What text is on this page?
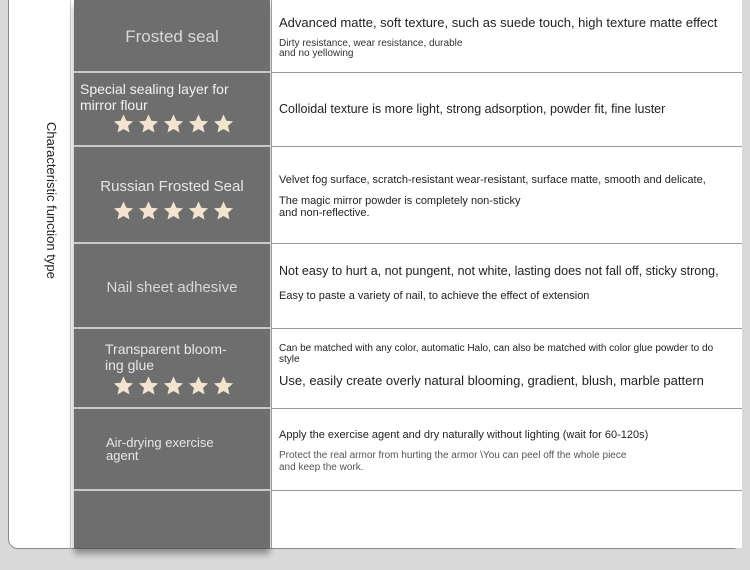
Characteristic function type
Frosted seal
Advanced matte, soft texture, such as suede touch, high texture matte effect
Dirty resistance, wear resistance, durable
and no yellowing
Special sealing layer for mirror flour	Colloidal texture is more light, strong adsorption, powder fit, fine luster
Russian Frosted Seal	Velvet fog surface, scratch-resistant wear-resistant, surface matte, smooth and delicate,
The magic mirror powder is completely non-sticky
and non-reflective.
Nail sheet adhesive
Not easy to hurt a, not pungent, not white, lasting does not fall off, sticky strong,
Easy to paste a variety of nail, to achieve the effect of extension
Transparent bloom-ing glue
Can be matched with any color, automatic Halo, can also be matched with color glue powder to do
style
Use, easily create overly natural blooming, gradient, blush, marble pattern
Air-drying exercise agent
Apply the exercise agent and dry naturally without lighting (wait for 60-120s)
Protect the real armor from hurting the armor \You can peel off the whole piece
and keep the work.
